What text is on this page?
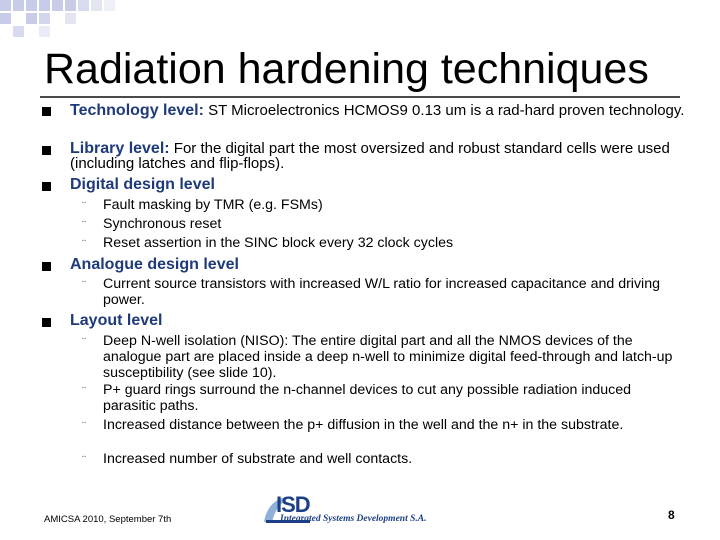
Radiation hardening techniques
Technology level: ST Microelectronics HCMOS9 0.13 um is a rad-hard proven technology.
Library level: For the digital part the most oversized and robust standard cells were used (including latches and flip-flops).
Digital design level
¨ Fault masking by TMR (e.g. FSMs)
¨ Synchronous reset
¨ Reset assertion in the SINC block every 32 clock cycles
Analogue design level
¨ Current source transistors with increased W/L ratio for increased capacitance and driving power.
Layout level
¨ Deep N-well isolation (NISO): The entire digital part and all the NMOS devices of the analogue part are placed inside a deep n-well to minimize digital feed-through and latch-up susceptibility (see slide 10).
¨ P+ guard rings surround the n-channel devices to cut any possible radiation induced parasitic paths.
¨ Increased distance between the p+ diffusion in the well and the n+ in the substrate.
¨ Increased number of substrate and well contacts.
AMICSA 2010, September 7th
ISD
Integrated Systems Development S.A.	8
